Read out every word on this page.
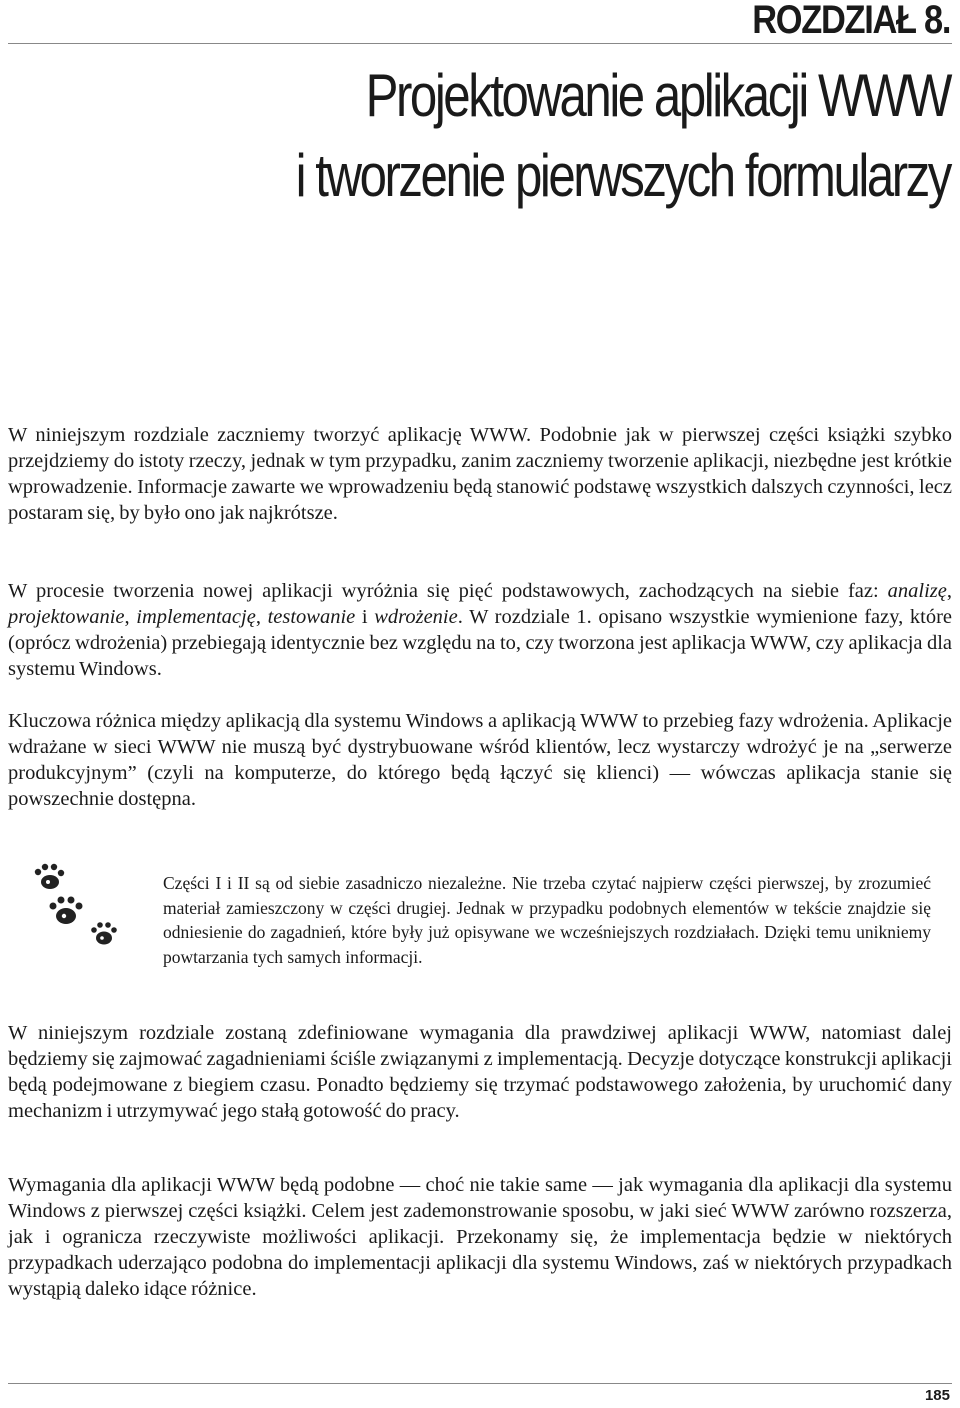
ROZDZIAŁ 8.
Projektowanie aplikacji WWW
i tworzenie pierwszych formularzy

W niniejszym rozdziale zaczniemy tworzyć aplikację WWW. Podobnie jak w pierwszej części książki szybko przejdziemy do istoty rzeczy, jednak w tym przypadku, zanim zaczniemy tworzenie aplikacji, niezbędne jest krótkie wprowadzenie. Informacje zawarte we wprowadzeniu będą stanowić podstawę wszystkich dalszych czynności, lecz postaram się, by było ono jak najkrótsze.

W procesie tworzenia nowej aplikacji wyróżnia się pięć podstawowych, zachodzących na siebie faz: analizę, projektowanie, implementację, testowanie i wdrożenie. W rozdziale 1. opisano wszystkie wymienione fazy, które (oprócz wdrożenia) przebiegają identycznie bez względu na to, czy tworzona jest aplikacja WWW, czy aplikacja dla systemu Windows.

Kluczowa różnica między aplikacją dla systemu Windows a aplikacją WWW to przebieg fazy wdrożenia. Aplikacje wdrażane w sieci WWW nie muszą być dystrybuowane wśród klientów, lecz wystarczy wdrożyć je na „serwerze produkcyjnym” (czyli na komputerze, do którego będą łączyć się klienci) — wówczas aplikacja stanie się powszechnie dostępna.

Części I i II są od siebie zasadniczo niezależne. Nie trzeba czytać najpierw części pierwszej, by zrozumieć materiał zamieszczony w części drugiej. Jednak w przypadku podobnych elementów w tekście znajdzie się odniesienie do zagadnień, które były już opisywane we wcześniejszych rozdziałach. Dzięki temu unikniemy powtarzania tych samych informacji.

W niniejszym rozdziale zostaną zdefiniowane wymagania dla prawdziwej aplikacji WWW, natomiast dalej będziemy się zajmować zagadnieniami ściśle związanymi z implementacją. Decyzje dotyczące konstrukcji aplikacji będą podejmowane z biegiem czasu. Ponadto będziemy się trzymać podstawowego założenia, by uruchomić dany mechanizm i utrzymywać jego stałą gotowość do pracy.

Wymagania dla aplikacji WWW będą podobne — choć nie takie same — jak wymagania dla aplikacji dla systemu Windows z pierwszej części książki. Celem jest zademonstrowanie sposobu, w jaki sieć WWW zarówno rozszerza, jak i ogranicza rzeczywiste możliwości aplikacji. Przekonamy się, że implementacja będzie w niektórych przypadkach uderzająco podobna do implementacji aplikacji dla systemu Windows, zaś w niektórych przypadkach wystąpią daleko idące różnice.

185
